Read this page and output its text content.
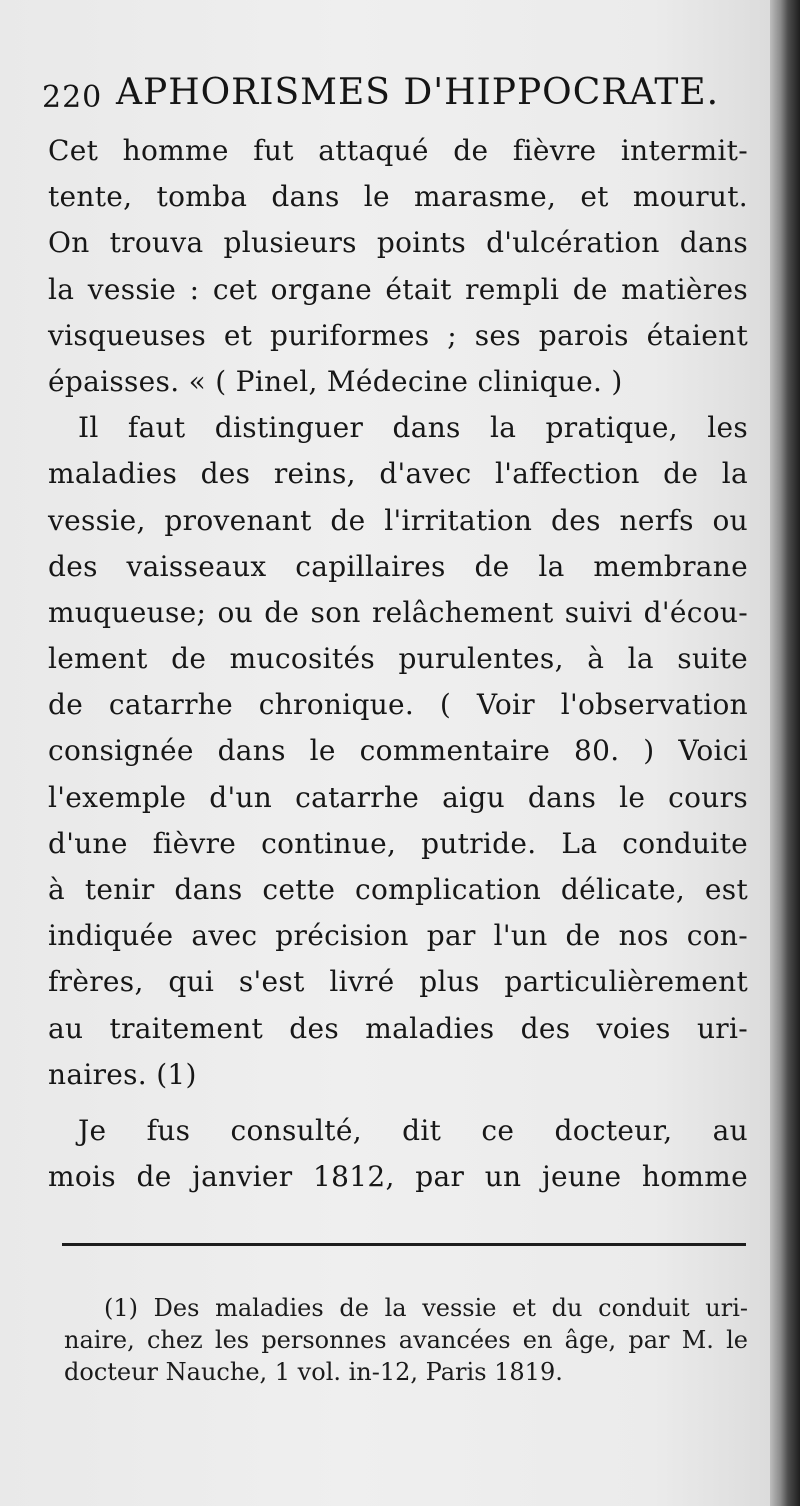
220 APHORISMES D'HIPPOCRATE.
Cet homme fut attaqué de fièvre intermit-
tente, tomba dans le marasme, et mourut.
On trouva plusieurs points d'ulcération dans
la vessie : cet organe était rempli de matières
visqueuses et puriformes ; ses parois étaient
épaisses. « ( Pinel, Médecine clinique. )
Il faut distinguer dans la pratique, les
maladies des reins, d'avec l'affection de la
vessie, provenant de l'irritation des nerfs ou
des vaisseaux capillaires de la membrane
muqueuse; ou de son relâchement suivi d'écou-
lement de mucosités purulentes, à la suite
de catarrhe chronique. ( Voir l'observation
consignée dans le commentaire 80. ) Voici
l'exemple d'un catarrhe aigu dans le cours
d'une fièvre continue, putride. La conduite
à tenir dans cette complication délicate, est
indiquée avec précision par l'un de nos con-
frères, qui s'est livré plus particulièrement
au traitement des maladies des voies uri-
naires. (1)
Je fus consulté, dit ce docteur, au
mois de janvier 1812, par un jeune homme
(1) Des maladies de la vessie et du conduit uri-
naire, chez les personnes avancées en âge, par M. le
docteur Nauche, 1 vol. in-12, Paris 1819.
